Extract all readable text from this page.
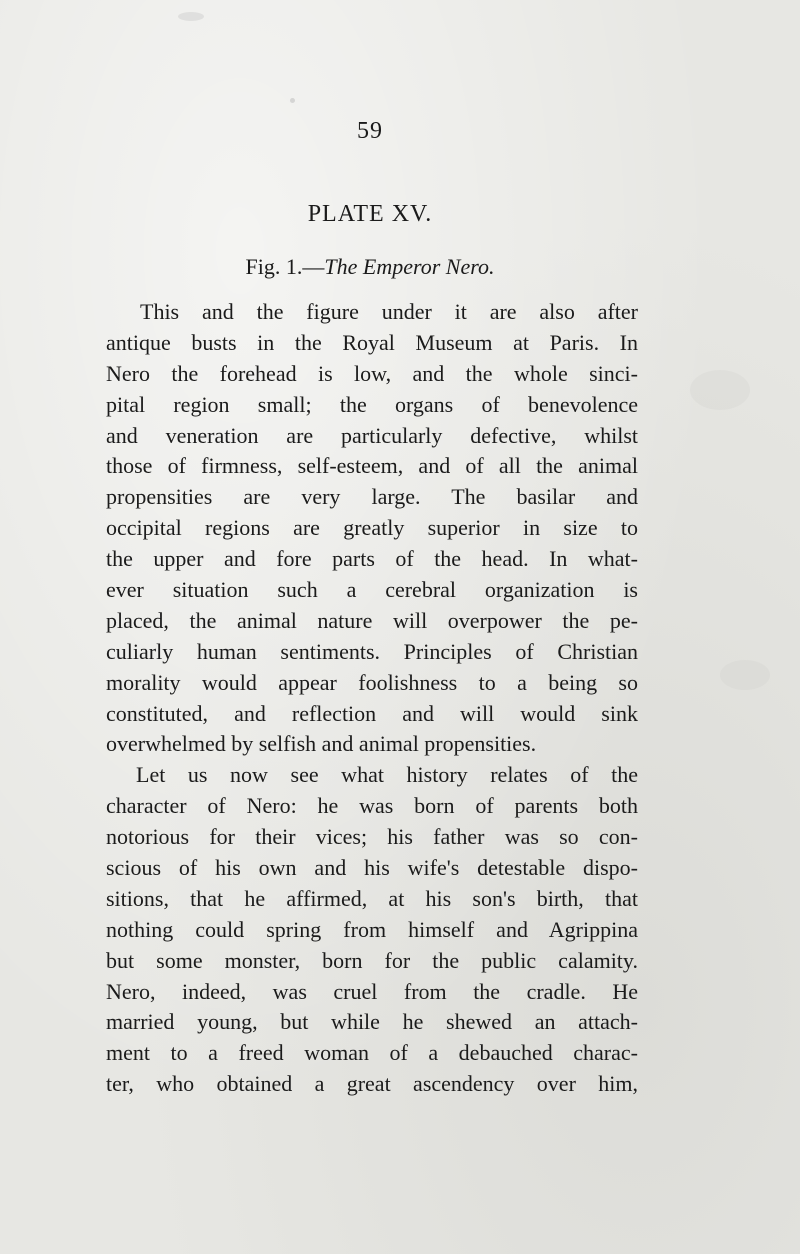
59
PLATE XV.
Fig. 1.—The Emperor Nero.
This and the figure under it are also after
antique busts in the Royal Museum at Paris. In
Nero the forehead is low, and the whole sinci-
pital region small; the organs of benevolence
and veneration are particularly defective, whilst
those of firmness, self-esteem, and of all the animal
propensities are very large. The basilar and
occipital regions are greatly superior in size to
the upper and fore parts of the head. In what-
ever situation such a cerebral organization is
placed, the animal nature will overpower the pe-
culiarly human sentiments. Principles of Christian
morality would appear foolishness to a being so
constituted, and reflection and will would sink
overwhelmed by selfish and animal propensities.
Let us now see what history relates of the
character of Nero: he was born of parents both
notorious for their vices; his father was so con-
scious of his own and his wife's detestable dispo-
sitions, that he affirmed, at his son's birth, that
nothing could spring from himself and Agrippina
but some monster, born for the public calamity.
Nero, indeed, was cruel from the cradle. He
married young, but while he shewed an attach-
ment to a freed woman of a debauched charac-
ter, who obtained a great ascendency over him,
